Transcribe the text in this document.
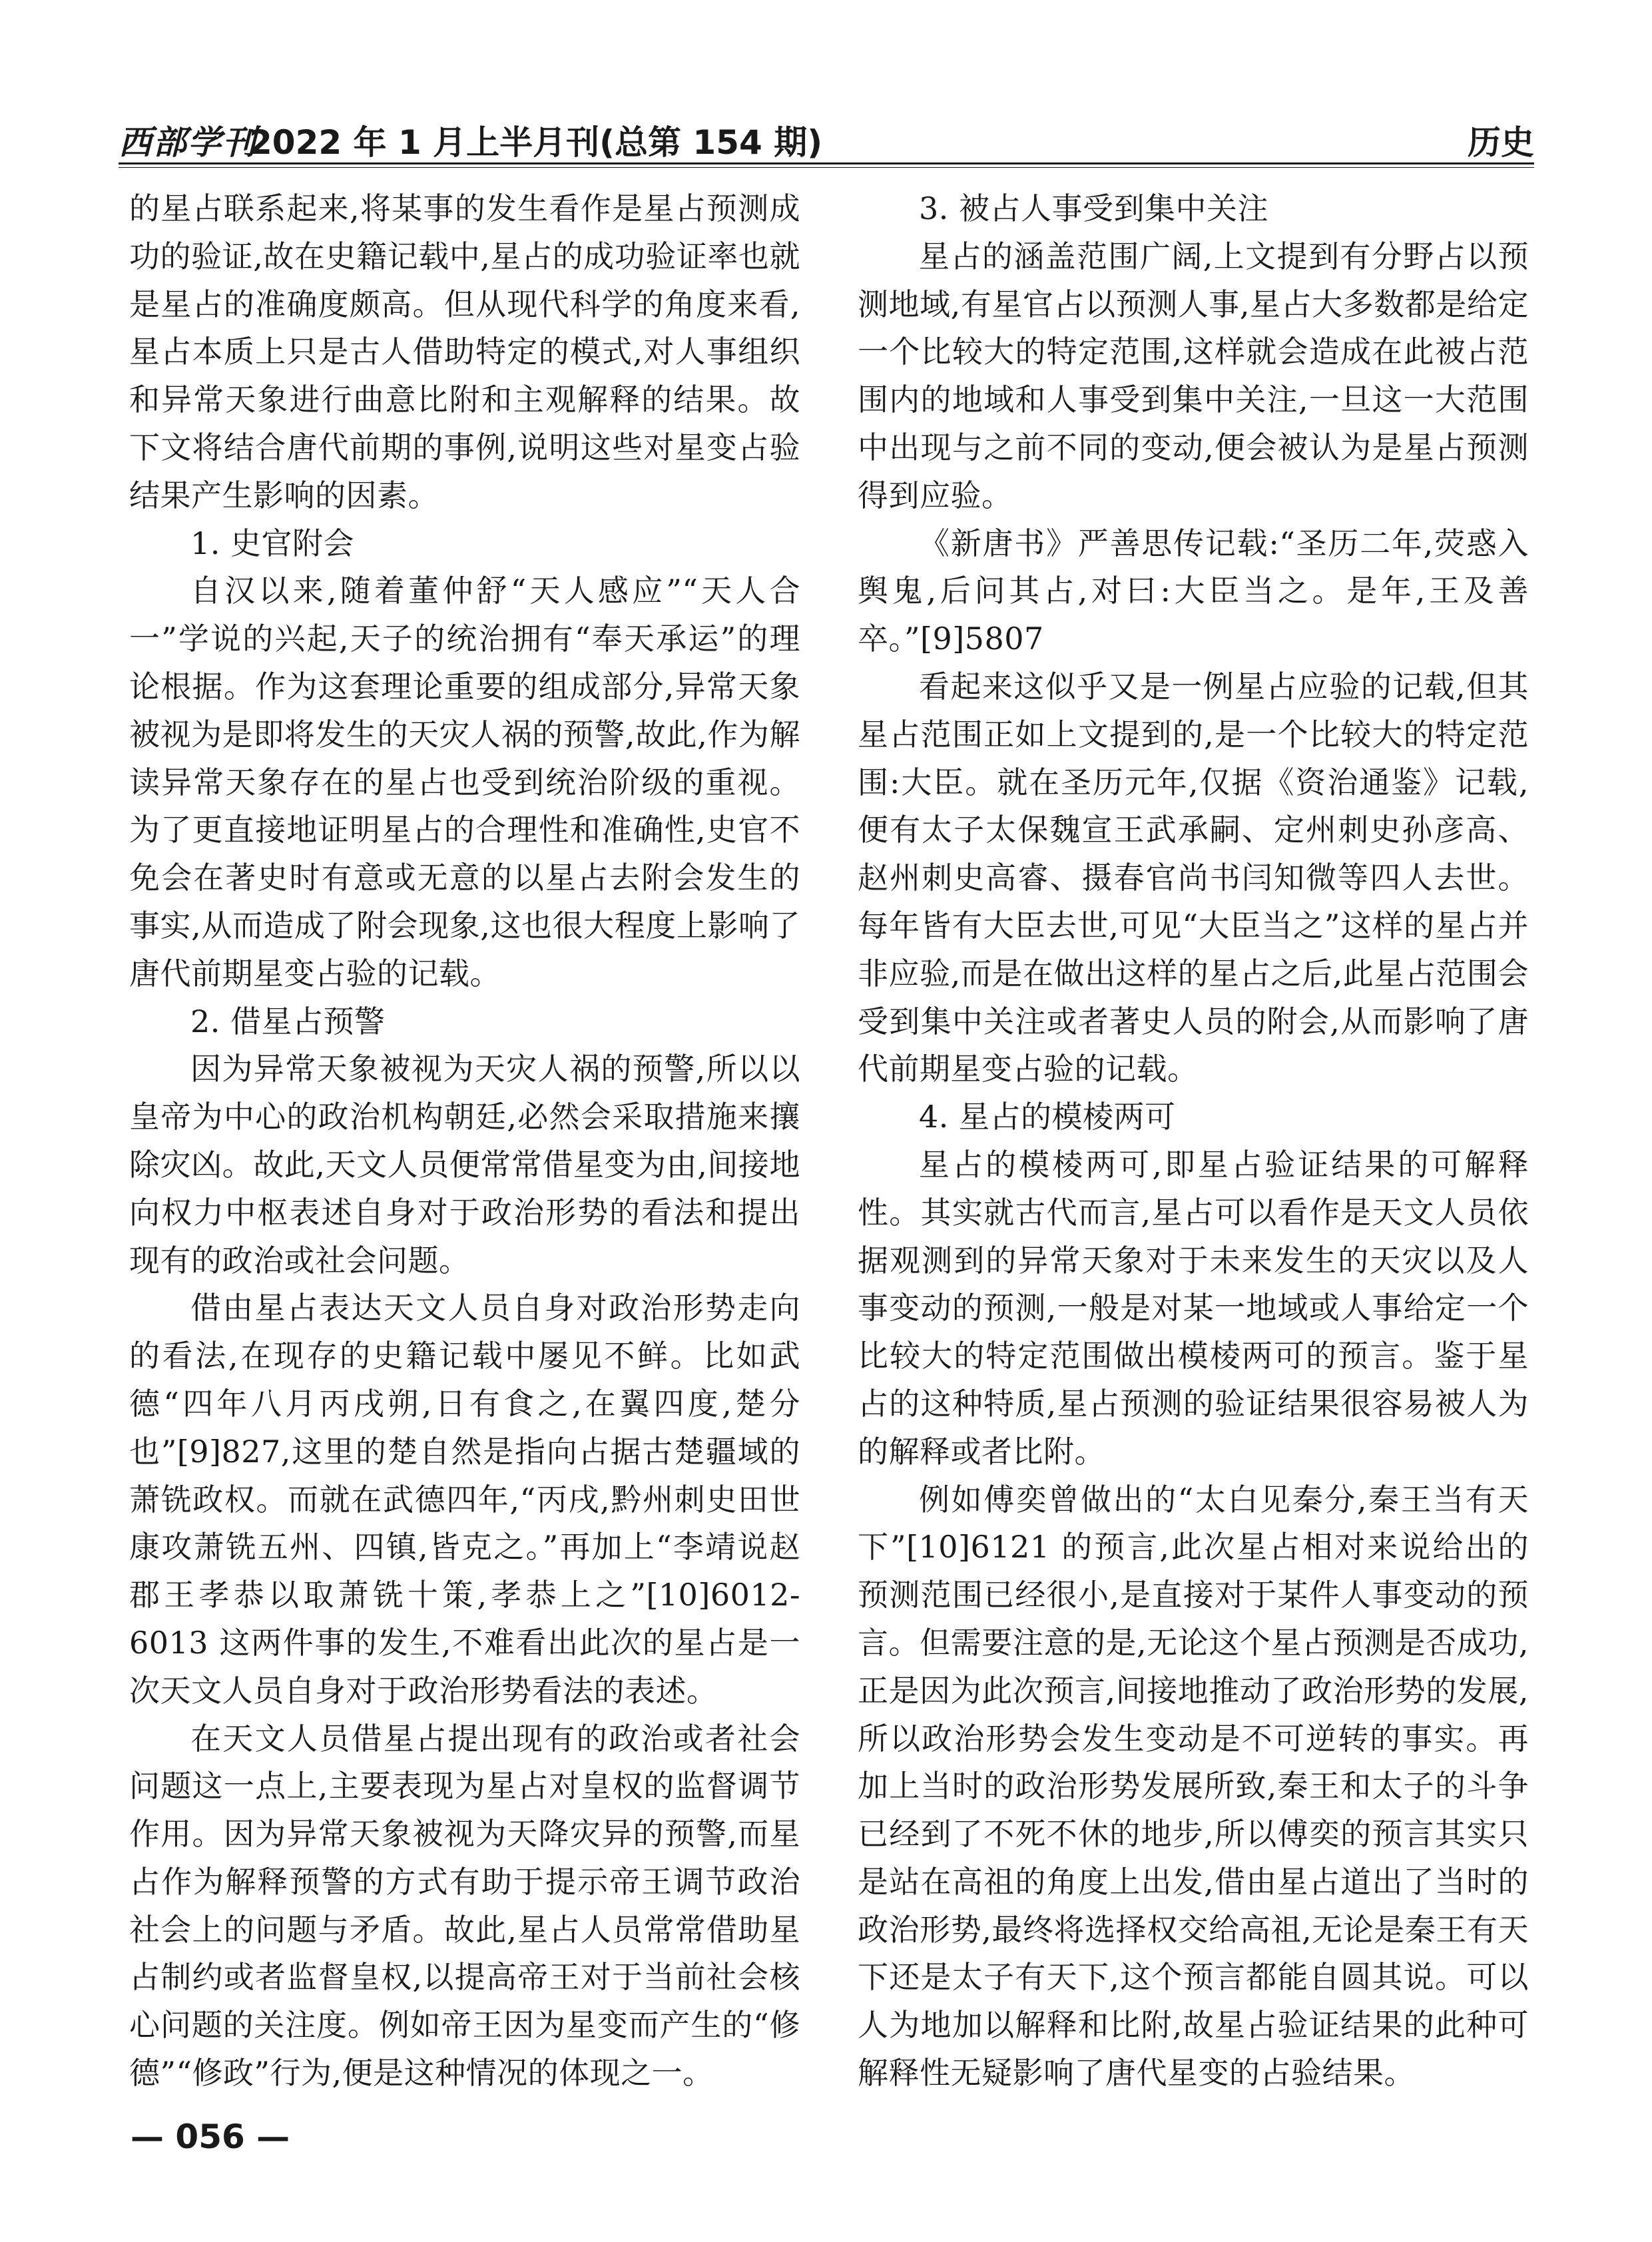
西部学刊
2022 年 1 月上半月刊(总第 154 期)	历史

的星占联系起来,将某事的发生看作是星占预测成功的验证,故在史籍记载中,星占的成功验证率也就是星占的准确度颇高。但从现代科学的角度来看,星占本质上只是古人借助特定的模式,对人事组织和异常天象进行曲意比附和主观解释的结果。故下文将结合唐代前期的事例,说明这些对星变占验结果产生影响的因素。

1. 史官附会

自汉以来,随着董仲舒“天人感应”“天人合一”学说的兴起,天子的统治拥有“奉天承运”的理论根据。作为这套理论重要的组成部分,异常天象被视为是即将发生的天灾人祸的预警,故此,作为解读异常天象存在的星占也受到统治阶级的重视。为了更直接地证明星占的合理性和准确性,史官不免会在著史时有意或无意的以星占去附会发生的事实,从而造成了附会现象,这也很大程度上影响了唐代前期星变占验的记载。

2. 借星占预警

因为异常天象被视为天灾人祸的预警,所以以皇帝为中心的政治机构朝廷,必然会采取措施来攘除灾凶。故此,天文人员便常常借星变为由,间接地向权力中枢表述自身对于政治形势的看法和提出现有的政治或社会问题。

借由星占表达天文人员自身对政治形势走向的看法,在现存的史籍记载中屡见不鲜。比如武德“四年八月丙戌朔,日有食之,在翼四度,楚分也”[9]827,这里的楚自然是指向占据古楚疆域的萧铣政权。而就在武德四年,“丙戌,黔州刺史田世康攻萧铣五州、四镇,皆克之。”再加上“李靖说赵郡王孝恭以取萧铣十策,孝恭上之”[10]6012-6013 这两件事的发生,不难看出此次的星占是一次天文人员自身对于政治形势看法的表述。

在天文人员借星占提出现有的政治或者社会问题这一点上,主要表现为星占对皇权的监督调节作用。因为异常天象被视为天降灾异的预警,而星占作为解释预警的方式有助于提示帝王调节政治社会上的问题与矛盾。故此,星占人员常常借助星占制约或者监督皇权,以提高帝王对于当前社会核心问题的关注度。例如帝王因为星变而产生的“修德”“修政”行为,便是这种情况的体现之一。

3. 被占人事受到集中关注

星占的涵盖范围广阔,上文提到有分野占以预测地域,有星官占以预测人事,星占大多数都是给定一个比较大的特定范围,这样就会造成在此被占范围内的地域和人事受到集中关注,一旦这一大范围中出现与之前不同的变动,便会被认为是星占预测得到应验。

《新唐书》严善思传记载:“圣历二年,荧惑入舆鬼,后问其占,对曰:大臣当之。是年,王及善卒。”[9]5807

看起来这似乎又是一例星占应验的记载,但其星占范围正如上文提到的,是一个比较大的特定范围:大臣。就在圣历元年,仅据《资治通鉴》记载,便有太子太保魏宣王武承嗣、定州刺史孙彦高、赵州刺史高睿、摄春官尚书闫知微等四人去世。每年皆有大臣去世,可见“大臣当之”这样的星占并非应验,而是在做出这样的星占之后,此星占范围会受到集中关注或者著史人员的附会,从而影响了唐代前期星变占验的记载。

4. 星占的模棱两可

星占的模棱两可,即星占验证结果的可解释性。其实就古代而言,星占可以看作是天文人员依据观测到的异常天象对于未来发生的天灾以及人事变动的预测,一般是对某一地域或人事给定一个比较大的特定范围做出模棱两可的预言。鉴于星占的这种特质,星占预测的验证结果很容易被人为的解释或者比附。

例如傅奕曾做出的“太白见秦分,秦王当有天下”[10]6121 的预言,此次星占相对来说给出的预测范围已经很小,是直接对于某件人事变动的预言。但需要注意的是,无论这个星占预测是否成功,正是因为此次预言,间接地推动了政治形势的发展,所以政治形势会发生变动是不可逆转的事实。再加上当时的政治形势发展所致,秦王和太子的斗争已经到了不死不休的地步,所以傅奕的预言其实只是站在高祖的角度上出发,借由星占道出了当时的政治形势,最终将选择权交给高祖,无论是秦王有天下还是太子有天下,这个预言都能自圆其说。可以人为地加以解释和比附,故星占验证结果的此种可解释性无疑影响了唐代星变的占验结果。

— 056 —
